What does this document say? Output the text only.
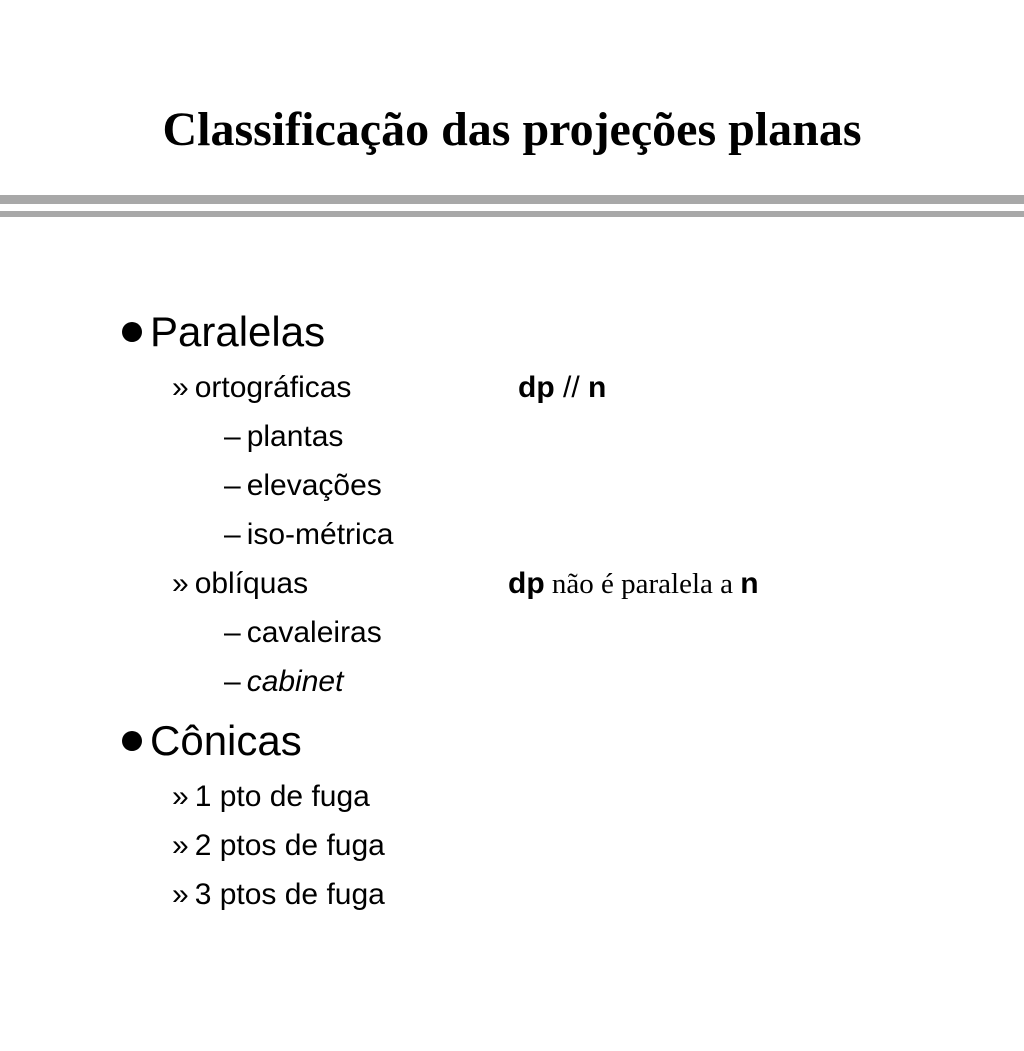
Classificação das projeções planas
Paralelas
» ortográficas	dp // n
– plantas
– elevações
– iso-métrica
» oblíquas	dp não é paralela a n
– cavaleiras
– cabinet
Cônicas
» 1 pto de fuga
» 2 ptos de fuga
» 3 ptos de fuga
